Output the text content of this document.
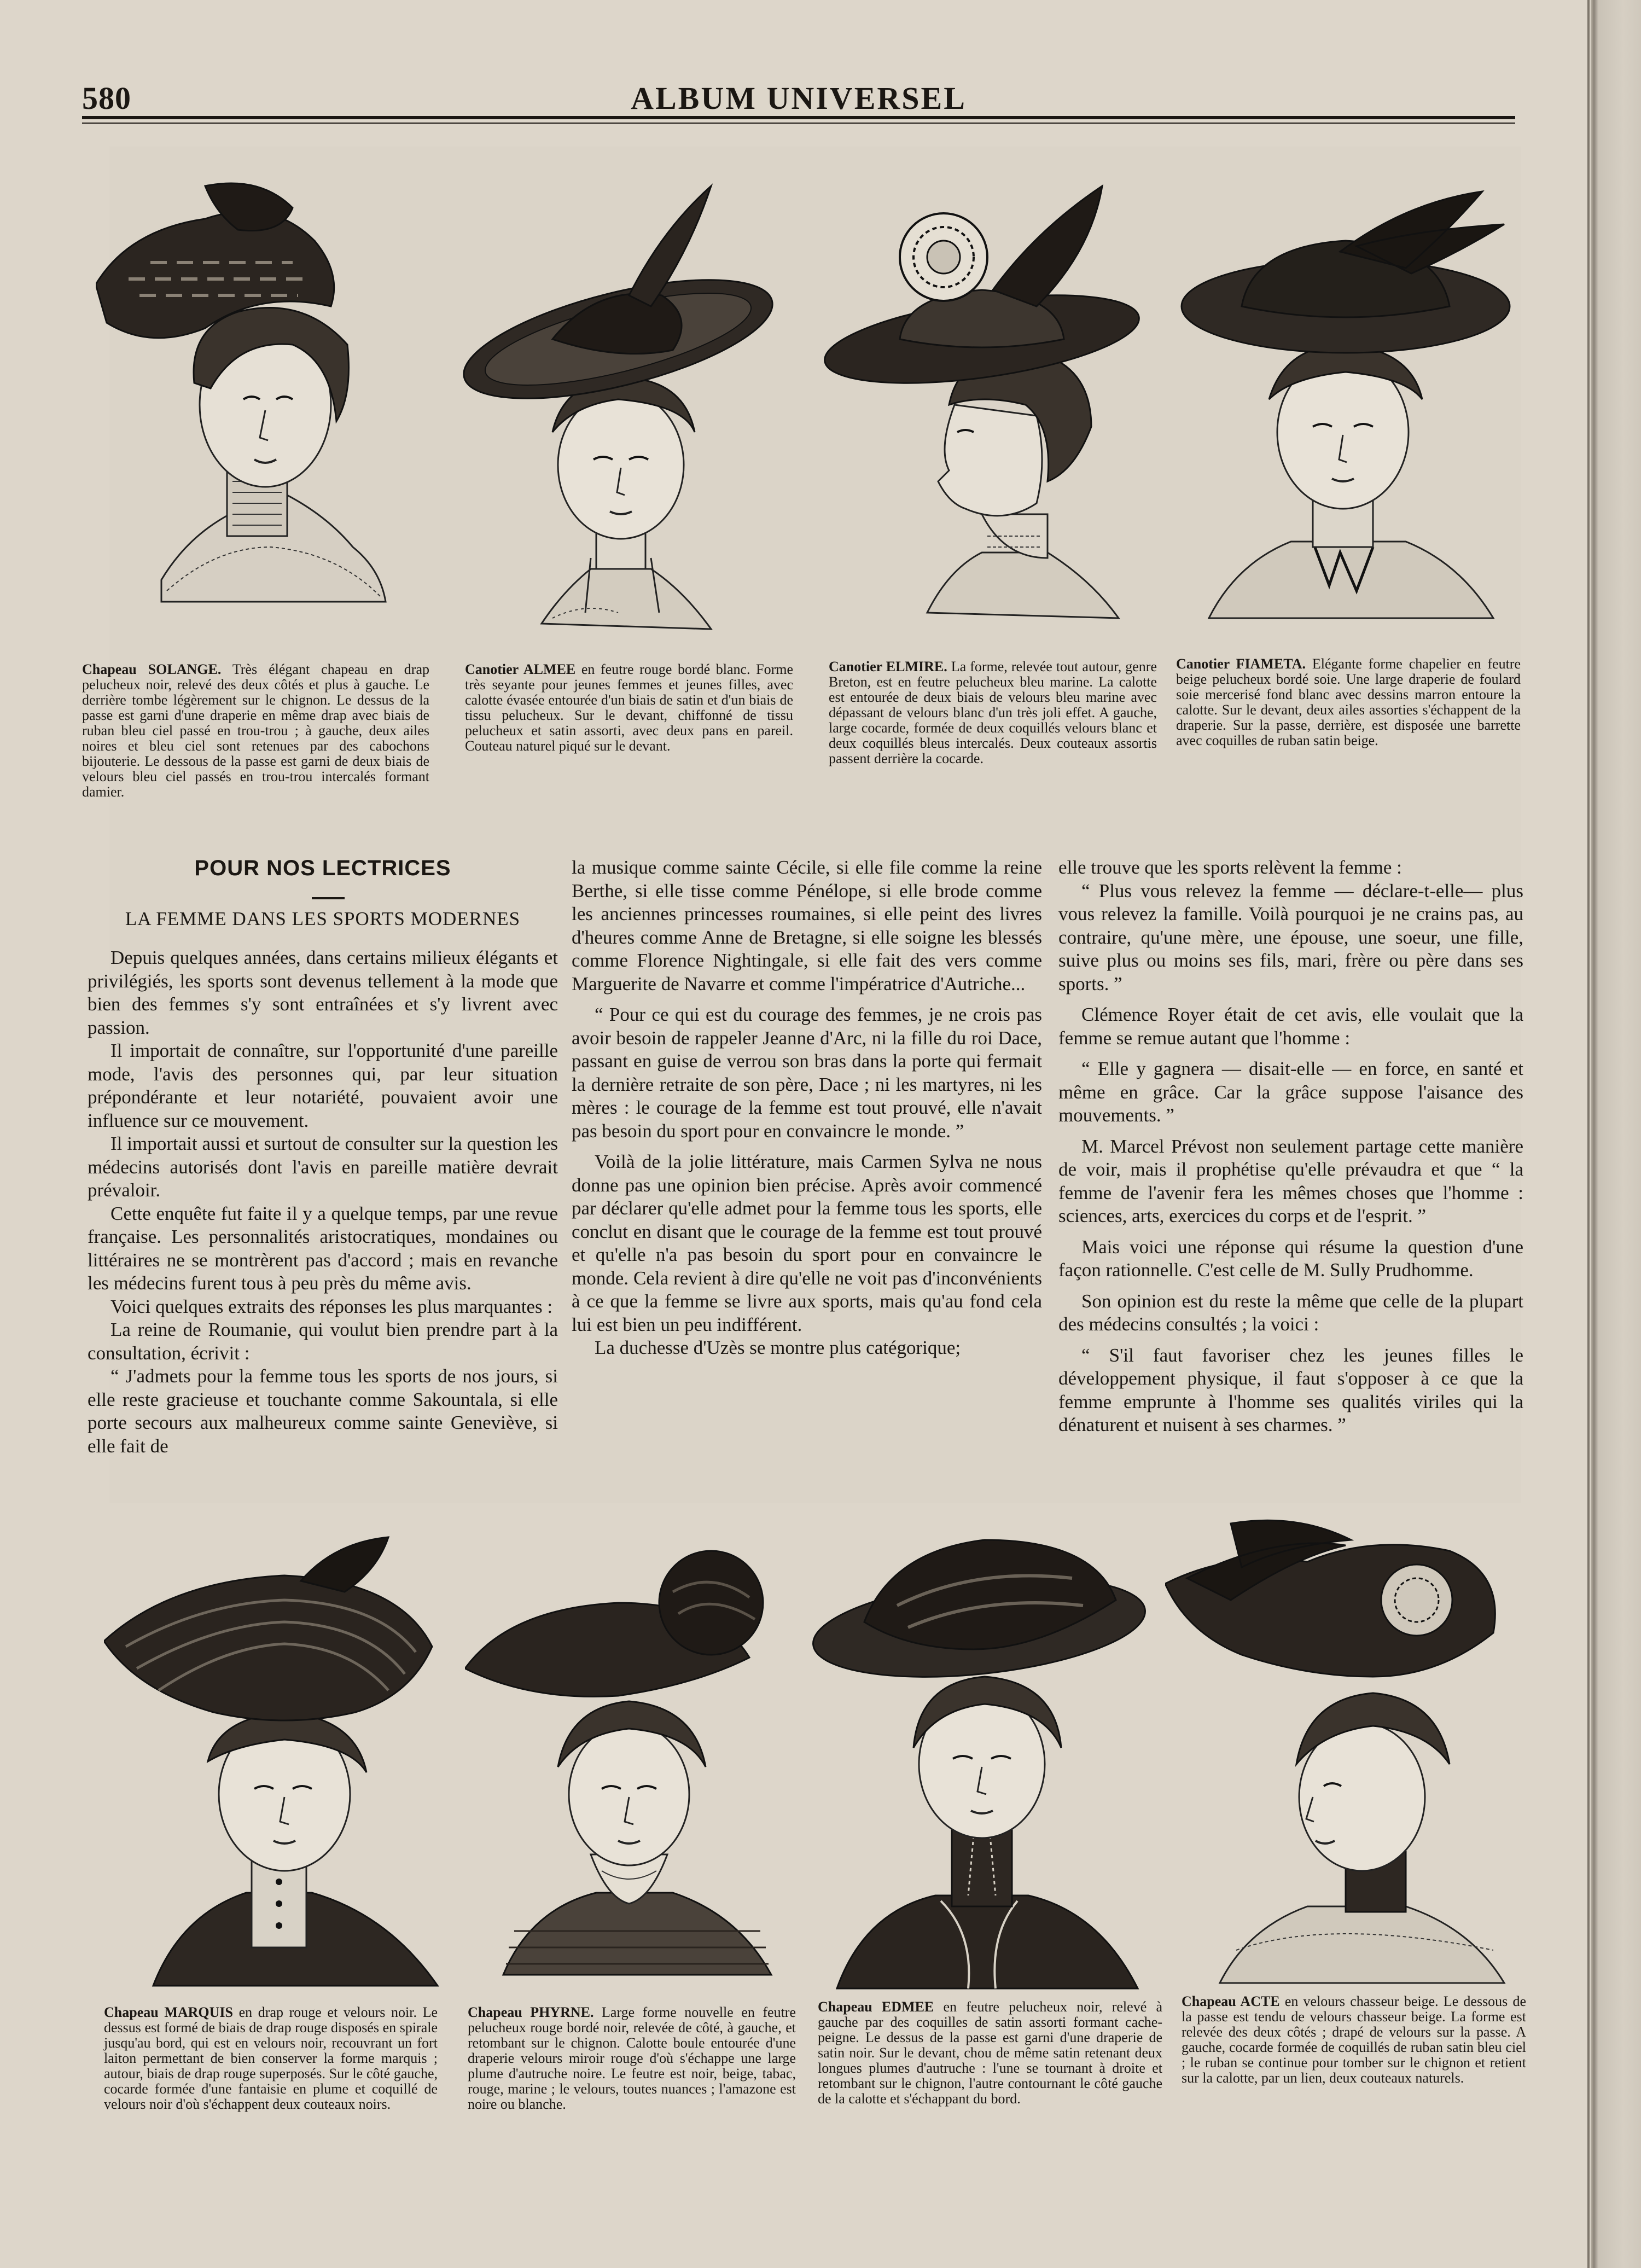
580	ALBUM UNIVERSEL
Chapeau SOLANGE. Très élégant chapeau en drap pelucheux noir, relevé des deux côtés et plus à gauche. Le derrière tombe légèrement sur le chignon. Le dessus de la passe est garni d'une draperie en même drap avec biais de ruban bleu ciel passé en trou-trou ; à gauche, deux ailes noires et bleu ciel sont retenues par des cabochons bijouterie. Le dessous de la passe est garni de deux biais de velours bleu ciel passés en trou-trou intercalés formant damier.
Canotier ALMEE en feutre rouge bordé blanc. Forme très seyante pour jeunes femmes et jeunes filles, avec calotte évasée entourée d'un biais de satin et d'un biais de tissu pelucheux. Sur le devant, chiffonné de tissu pelucheux et satin assorti, avec deux pans en pareil. Couteau naturel piqué sur le devant.
Canotier ELMIRE. La forme, relevée tout autour, genre Breton, est en feutre pelucheux bleu marine. La calotte est entourée de deux biais de velours bleu marine avec dépassant de velours blanc d'un très joli effet. A gauche, large cocarde, formée de deux coquillés velours blanc et deux coquillés bleus intercalés. Deux couteaux assortis passent derrière la cocarde.
Canotier FIAMETA. Elégante forme chapelier en feutre beige pelucheux bordé soie. Une large draperie de foulard soie mercerisé fond blanc avec dessins marron entoure la calotte. Sur le devant, deux ailes assorties s'échappent de la draperie. Sur la passe, derrière, est disposée une barrette avec coquilles de ruban satin beige.
POUR NOS LECTRICES
LA FEMME DANS LES SPORTS MODERNES

Depuis quelques années, dans certains milieux élégants et privilégiés, les sports sont devenus tellement à la mode que bien des femmes s'y sont entraînées et s'y livrent avec passion.

Il importait de connaître, sur l'opportunité d'une pareille mode, l'avis des personnes qui, par leur situation prépondérante et leur notariété, pouvaient avoir une influence sur ce mouvement.

Il importait aussi et surtout de consulter sur la question les médecins autorisés dont l'avis en pareille matière devrait prévaloir.

Cette enquête fut faite il y a quelque temps, par une revue française. Les personnalités aristocratiques, mondaines ou littéraires ne se montrèrent pas d'accord ; mais en revanche les médecins furent tous à peu près du même avis.

Voici quelques extraits des réponses les plus marquantes :

La reine de Roumanie, qui voulut bien prendre part à la consultation, écrivit :

“ J'admets pour la femme tous les sports de nos jours, si elle reste gracieuse et touchante comme Sakountala, si elle porte secours aux malheureux comme sainte Geneviève, si elle fait de

la musique comme sainte Cécile, si elle file comme la reine Berthe, si elle tisse comme Pénélope, si elle brode comme les anciennes princesses roumaines, si elle peint des livres d'heures comme Anne de Bretagne, si elle soigne les blessés comme Florence Nightingale, si elle fait des vers comme Marguerite de Navarre et comme l'impératrice d'Autriche...

“ Pour ce qui est du courage des femmes, je ne crois pas avoir besoin de rappeler Jeanne d'Arc, ni la fille du roi Dace, passant en guise de verrou son bras dans la porte qui fermait la dernière retraite de son père, Dace ; ni les martyres, ni les mères : le courage de la femme est tout prouvé, elle n'avait pas besoin du sport pour en convaincre le monde. ”

Voilà de la jolie littérature, mais Carmen Sylva ne nous donne pas une opinion bien précise. Après avoir commencé par déclarer qu'elle admet pour la femme tous les sports, elle conclut en disant que le courage de la femme est tout prouvé et qu'elle n'a pas besoin du sport pour en convaincre le monde. Cela revient à dire qu'elle ne voit pas d'inconvénients à ce que la femme se livre aux sports, mais qu'au fond cela lui est bien un peu indifférent.

La duchesse d'Uzès se montre plus catégorique;

elle trouve que les sports relèvent la femme :

“ Plus vous relevez la femme — déclare-t-elle— plus vous relevez la famille. Voilà pourquoi je ne crains pas, au contraire, qu'une mère, une épouse, une soeur, une fille, suive plus ou moins ses fils, mari, frère ou père dans ses sports. ”

Clémence Royer était de cet avis, elle voulait que la femme se remue autant que l'homme :

“ Elle y gagnera — disait-elle — en force, en santé et même en grâce. Car la grâce suppose l'aisance des mouvements. ”

M. Marcel Prévost non seulement partage cette manière de voir, mais il prophétise qu'elle prévaudra et que “ la femme de l'avenir fera les mêmes choses que l'homme : sciences, arts, exercices du corps et de l'esprit. ”

Mais voici une réponse qui résume la question d'une façon rationnelle. C'est celle de M. Sully Prudhomme.

Son opinion est du reste la même que celle de la plupart des médecins consultés ; la voici :

“ S'il faut favoriser chez les jeunes filles le développement physique, il faut s'opposer à ce que la femme emprunte à l'homme ses qualités viriles qui la dénaturent et nuisent à ses charmes. ”

Chapeau MARQUIS en drap rouge et velours noir. Le dessus est formé de biais de drap rouge disposés en spirale jusqu'au bord, qui est en velours noir, recouvrant un fort laiton permettant de bien conserver la forme marquis ; autour, biais de drap rouge superposés. Sur le côté gauche, cocarde formée d'une fantaisie en plume et coquillé de velours noir d'où s'échappent deux couteaux noirs.
Chapeau PHYRNE. Large forme nouvelle en feutre pelucheux rouge bordé noir, relevée de côté, à gauche, et retombant sur le chignon. Calotte boule entourée d'une draperie velours miroir rouge d'où s'échappe une large plume d'autruche noire. Le feutre est noir, beige, tabac, rouge, marine ; le velours, toutes nuances ; l'amazone est noire ou blanche.
Chapeau EDMEE en feutre pelucheux noir, relevé à gauche par des coquilles de satin assorti formant cache-peigne. Le dessus de la passe est garni d'une draperie de satin noir. Sur le devant, chou de même satin retenant deux longues plumes d'autruche : l'une se tournant à droite et retombant sur le chignon, l'autre contournant le côté gauche de la calotte et s'échappant du bord.
Chapeau ACTE en velours chasseur beige. Le dessous de la passe est tendu de velours chasseur beige. La forme est relevée des deux côtés ; drapé de velours sur la passe. A gauche, cocarde formée de coquillés de ruban satin bleu ciel ; le ruban se continue pour tomber sur le chignon et retient sur la calotte, par un lien, deux couteaux naturels.
